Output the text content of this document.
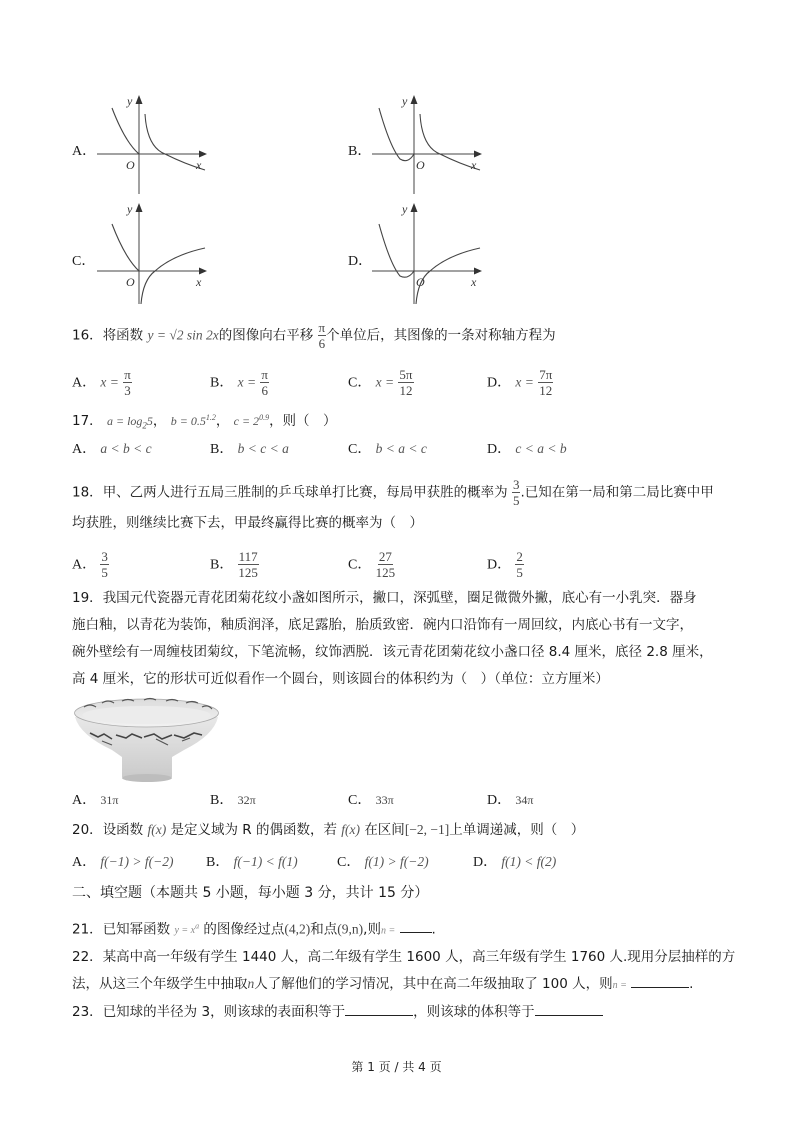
A．
y
O	x
B．
y
O	x
C．
y
O	x
D．
y
O	x
16．将函数 y = √2 sin 2x的图像向右平移 $\frac{\pi}{6}$ 个单位后，其图像的一条对称轴方程为
A． $x = \frac{\pi}{3}$	B． $x = \frac{\pi}{6}$	C． $x = \frac{5\pi}{12}$	D． $x = \frac{7\pi}{12}$
17． $a = \log_25$， $b = 0.5^{1.2}$， $c = 2^{0.9}$，则（　）
A． a < b < c	B． b < c < a	C． b < a < c	D． c < a < b
18．甲、乙两人进行五局三胜制的乒乓球单打比赛，每局甲获胜的概率为 $\frac{3}{5}$ .已知在第一局和第二局比赛中甲
均获胜，则继续比赛下去，甲最终赢得比赛的概率为（　）
A． $\frac{3}{5}$	B． $\frac{117}{125}$	C． $\frac{27}{125}$	D． $\frac{2}{5}$
19．我国元代瓷器元青花团菊花纹小盏如图所示，撇口，深弧壁，圈足微微外撇，底心有一小乳突．器身
施白釉，以青花为装饰，釉质润泽，底足露胎，胎质致密．碗内口沿饰有一周回纹，内底心书有一文字，
碗外壁绘有一周缠枝团菊纹，下笔流畅，纹饰洒脱．该元青花团菊花纹小盏口径 8.4 厘米，底径 2.8 厘米，
高 4 厘米，它的形状可近似看作一个圆台，则该圆台的体积约为（　）（单位：立方厘米）
A． 31π	B． 32π	C． 33π	D． 34π
20．设函数 f(x) 是定义域为 R 的偶函数，若 f(x) 在区间[−2, −1]上单调递减，则（　）
A． f(−1) > f(−2) B． f(−1) < f(1)	C． f(1) > f(−2)	D． f(1) < f(2)
二、填空题（本题共 5 小题，每小题 3 分，共计 15 分）
21．已知幂函数 $y = x^a$ 的图像经过点(4,2)和点(9,n),则n =	.
22．某高中高一年级有学生 1440 人，高二年级有学生 1600 人，高三年级有学生 1760 人.现用分层抽样的方
法，从这三个年级学生中抽取n人了解他们的学习情况，其中在高二年级抽取了 100 人，则n =	.
23．已知球的半径为 3，则该球的表面积等于	，则该球的体积等于
第 1 页 / 共 4 页
